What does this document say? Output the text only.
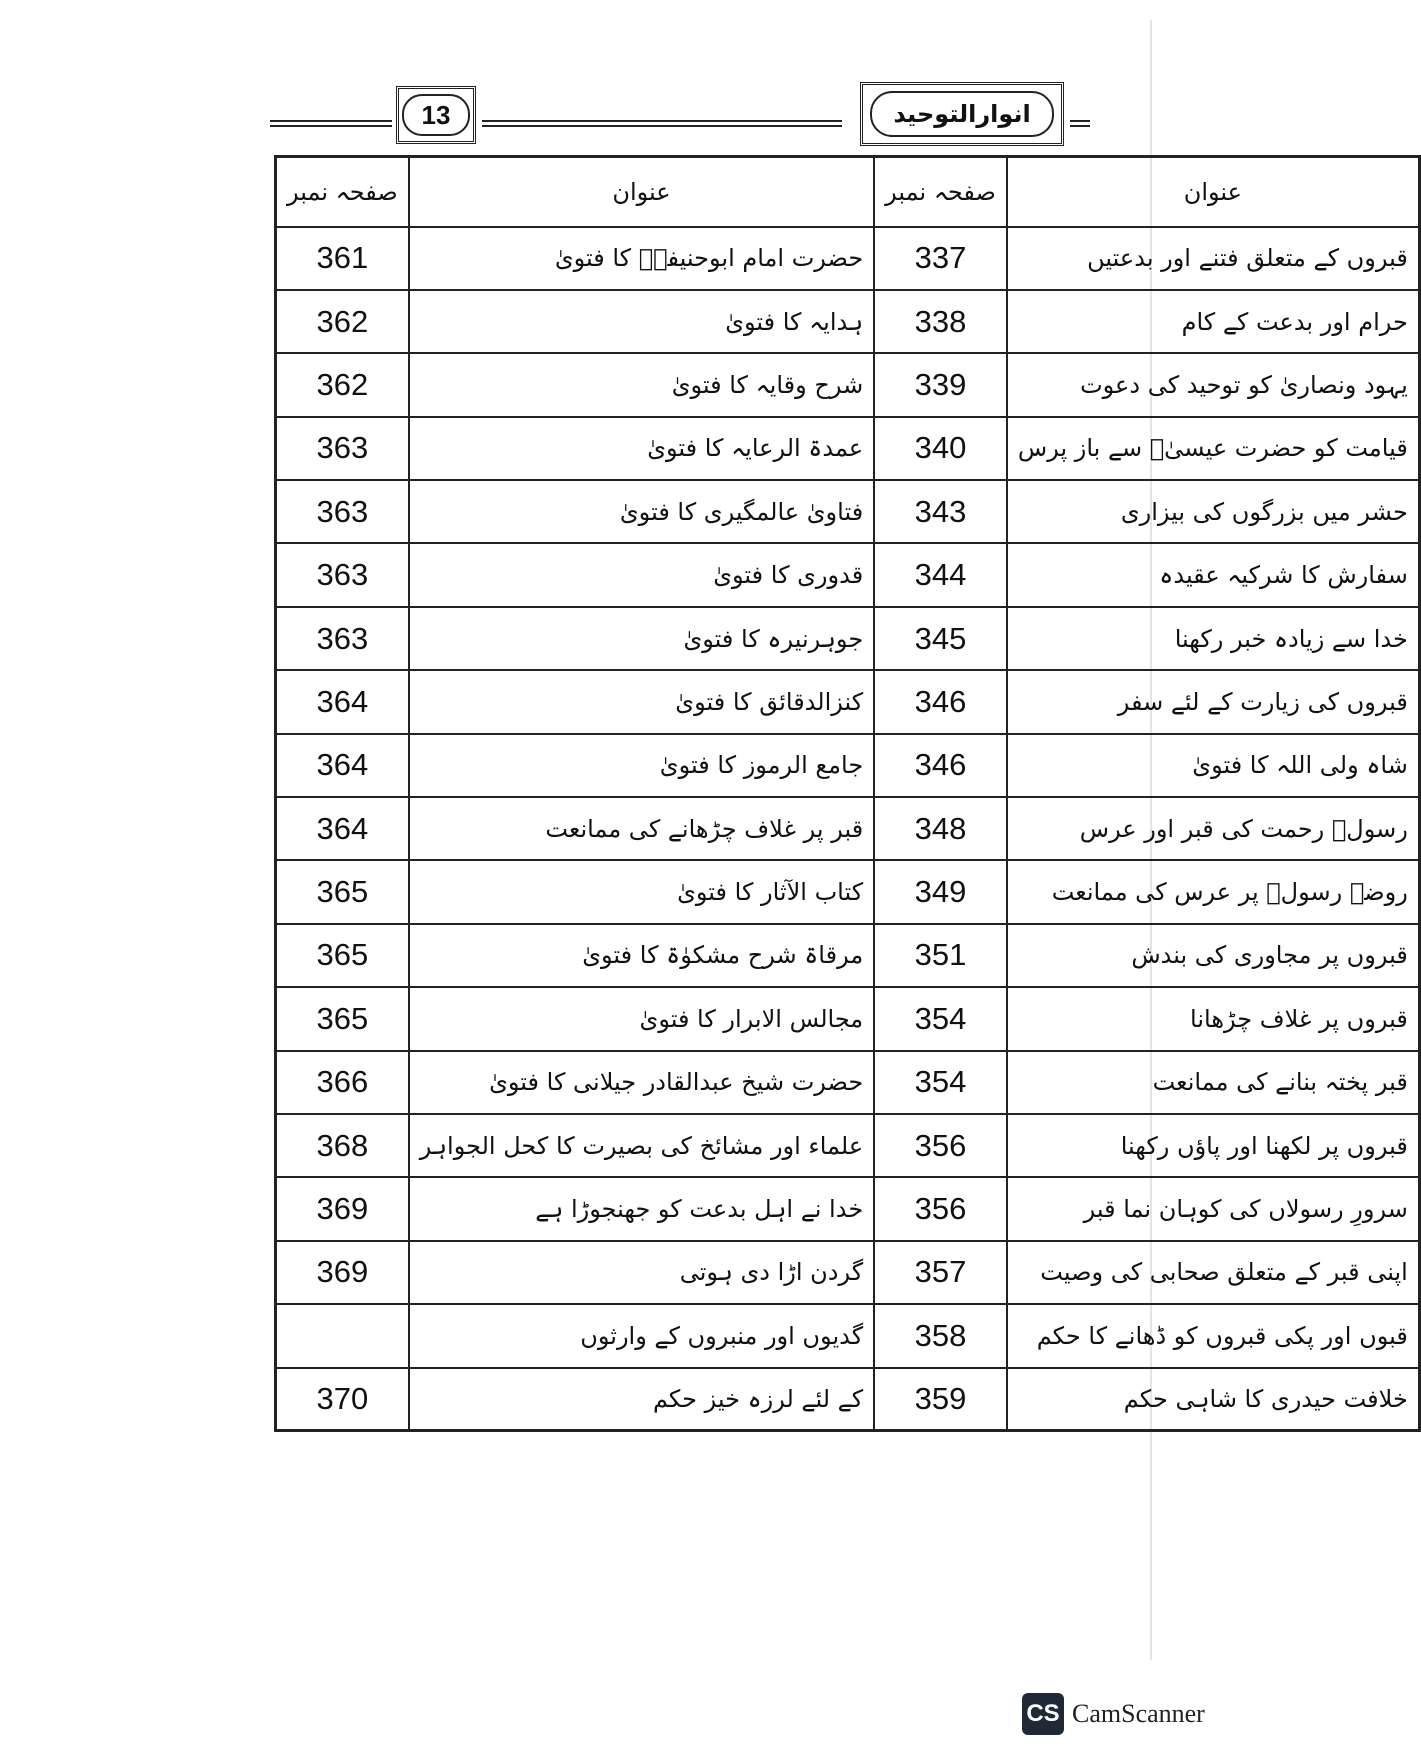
13	انوارالتوحید
صفحہ نمبر	عنوان	صفحہ نمبر	عنوان
361	حضرت امام ابوحنیفہؒ کا فتویٰ	337	قبروں کے متعلق فتنے اور بدعتیں
362	ہدایہ کا فتویٰ	338	حرام اور بدعت کے کام
362	شرح وقایہ کا فتویٰ	339	یہود ونصاریٰ کو توحید کی دعوت
363	عمدۃ الرعایہ کا فتویٰ	340	قیامت کو حضرت عیسیٰؑ سے باز پرس
363	فتاویٰ عالمگیری کا فتویٰ	343	حشر میں بزرگوں کی بیزاری
363	قدوری کا فتویٰ	344	سفارش کا شرکیہ عقیدہ
363	جوہرنیرہ کا فتویٰ	345	خدا سے زیادہ خبر رکھنا
364	کنزالدقائق کا فتویٰ	346	قبروں کی زیارت کے لئے سفر
364	جامع الرموز کا فتویٰ	346	شاہ ولی اللہ کا فتویٰ
364	قبر پر غلاف چڑھانے کی ممانعت	348	رسولؐ رحمت کی قبر اور عرس
365	کتاب الآثار کا فتویٰ	349	روضہ رسولؐ پر عرس کی ممانعت
365	مرقاۃ شرح مشکوٰۃ کا فتویٰ	351	قبروں پر مجاوری کی بندش
365	مجالس الابرار کا فتویٰ	354	قبروں پر غلاف چڑھانا
366	حضرت شیخ عبدالقادر جیلانی کا فتویٰ	354	قبر پختہ بنانے کی ممانعت
368	علماء اور مشائخ کی بصیرت کا کحل الجواہر	356	قبروں پر لکھنا اور پاؤں رکھنا
369	خدا نے اہل بدعت کو جھنجوڑا ہے	356	سرورِ رسولاں کی کوہان نما قبر
369	گردن اڑا دی ہوتی	357	اپنی قبر کے متعلق صحابی کی وصیت
	گدیوں اور منبروں کے وارثوں	358	قبوں اور پکی قبروں کو ڈھانے کا حکم
370	کے لئے لرزہ خیز حکم	359	خلافت حیدری کا شاہی حکم
CS CamScanner
